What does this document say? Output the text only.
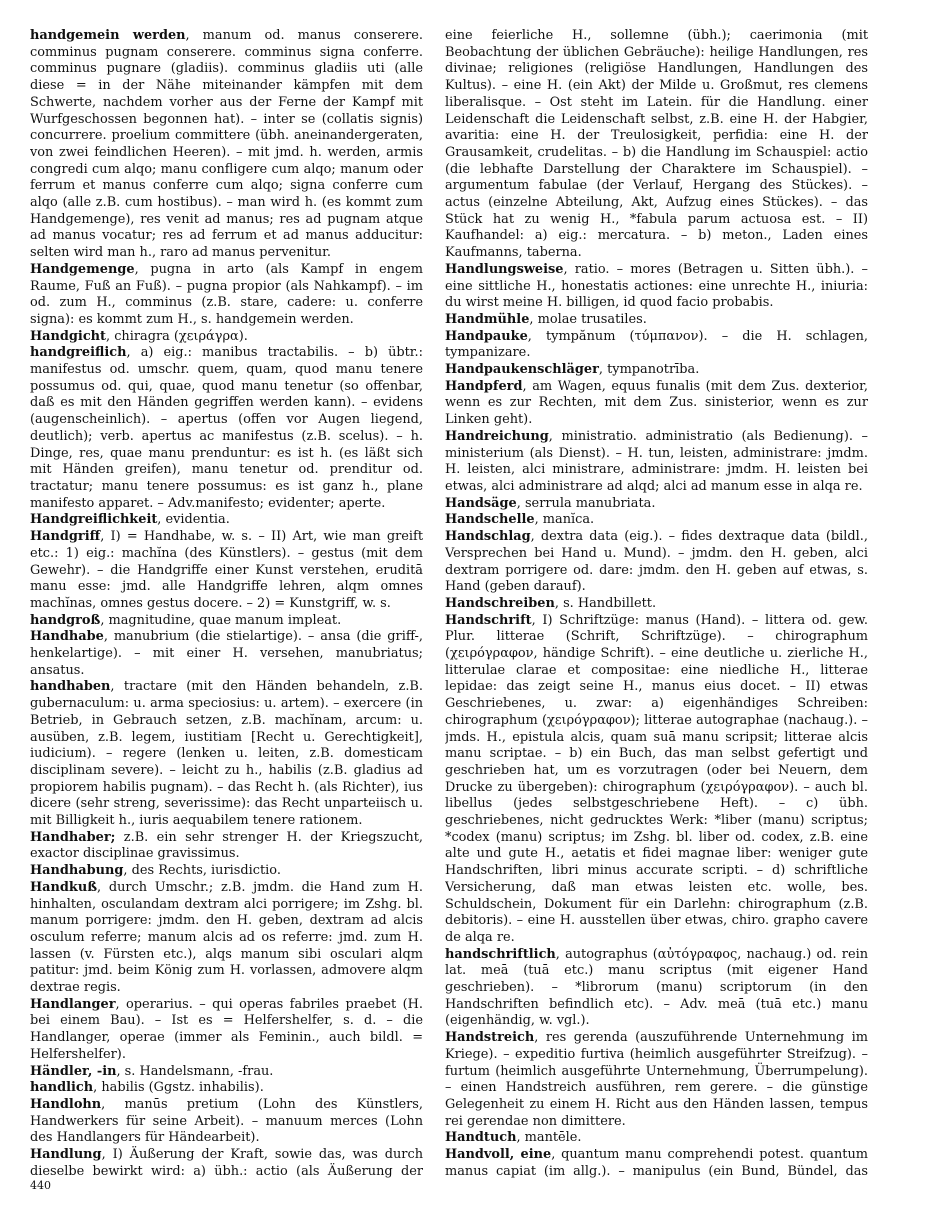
handgemein werden, manum od. manus conserere. comminus pugnam conserere. comminus signa conferre. comminus pugnare (gladiis). comminus gladiis uti (alle diese = in der Nähe miteinander kämpfen mit dem Schwerte, nachdem vorher aus der Ferne der Kampf mit Wurfgeschossen begonnen hat). – inter se (collatis signis) concurrere. proelium committere (übh. aneinandergeraten, von zwei feindlichen Heeren). – mit jmd. h. werden, armis congredi cum alqo; manu confligere cum alqo; manum oder ferrum et manus conferre cum alqo; signa conferre cum alqo (alle z.B. cum hostibus). – man wird h. (es kommt zum Handgemenge), res venit ad manus; res ad pugnam atque ad manus vocatur; res ad ferrum et ad manus adducitur: selten wird man h., raro ad manus pervenitur.

Handgemenge, pugna in arto (als Kampf in engem Raume, Fuß an Fuß). – pugna propior (als Nahkampf). – im od. zum H., comminus (z.B. stare, cadere: u. conferre signa): es kommt zum H., s. handgemein werden.

Handgicht, chiragra (χειράγρα).

handgreiflich, a) eig.: manibus tractabilis. – b) übtr.: manifestus od. umschr. quem, quam, quod manu tenere possumus od. qui, quae, quod manu tenetur (so offenbar, daß es mit den Händen gegriffen werden kann). – evidens (augenscheinlich). – apertus (offen vor Augen liegend, deutlich); verb. apertus ac manifestus (z.B. scelus). – h. Dinge, res, quae manu prenduntur: es ist h. (es läßt sich mit Händen greifen), manu tenetur od. prenditur od. tractatur; manu tenere possumus: es ist ganz h., plane manifesto apparet. – Adv.manifesto; evidenter; aperte.

Handgreiflichkeit, evidentia.

Handgriff, I) = Handhabe, w. s. – II) Art, wie man greift etc.: 1) eig.: machĭna (des Künstlers). – gestus (mit dem Gewehr). – die Handgriffe einer Kunst verstehen, eruditā manu esse: jmd. alle Handgriffe lehren, alqm omnes machĭnas, omnes gestus docere. – 2) = Kunstgriff, w. s.

handgroß, magnitudine, quae manum impleat.

Handhabe, manubrium (die stielartige). – ansa (die griff-, henkelartige). – mit einer H. versehen, manubriatus; ansatus.

handhaben, tractare (mit den Händen behandeln, z.B. gubernaculum: u. arma speciosius: u. artem). – exercere (in Betrieb, in Gebrauch setzen, z.B. machĭnam, arcum: u. ausüben, z.B. legem, iustitiam [Recht u. Gerechtigkeit], iudicium). – regere (lenken u. leiten, z.B. domesticam disciplinam severe). – leicht zu h., habilis (z.B. gladius ad propiorem habilis pugnam). – das Recht h. (als Richter), ius dicere (sehr streng, severissime): das Recht unparteiisch u. mit Billigkeit h., iuris aequabilem tenere rationem.

Handhaber; z.B. ein sehr strenger H. der Kriegszucht, exactor disciplinae gravissimus.

Handhabung, des Rechts, iurisdictio.

Handkuß, durch Umschr.; z.B. jmdm. die Hand zum H. hinhalten, osculandam dextram alci porrigere; im Zshg. bl. manum porrigere: jmdm. den H. geben, dextram ad alcis osculum referre; manum alcis ad os referre: jmd. zum H. lassen (v. Fürsten etc.), alqs manum sibi osculari alqm patitur: jmd. beim König zum H. vorlassen, admovere alqm dextrae regis.

Handlanger, operarius. – qui operas fabriles praebet (H. bei einem Bau). – Ist es = Helfershelfer, s. d. – die Handlanger, operae (immer als Feminin., auch bildl. = Helfershelfer).

Händler, -in, s. Handelsmann, -frau.

handlich, habilis (Ggstz. inhabilis).

Handlohn, manūs pretium (Lohn des Künstlers, Handwerkers für seine Arbeit). – manuum merces (Lohn des Handlangers für Händearbeit).

Handlung, I) Äußerung der Kraft, sowie das, was durch dieselbe bewirkt wird: a) übh.: actio (als Äußerung der

eine feierliche H., sollemne (übh.); caerimonia (mit Beobachtung der üblichen Gebräuche): heilige Handlungen, res divinae; religiones (religiöse Handlungen, Handlungen des Kultus). – eine H. (ein Akt) der Milde u. Großmut, res clemens liberalisque. – Ost steht im Latein. für die Handlung. einer Leidenschaft die Leidenschaft selbst, z.B. eine H. der Habgier, avaritia: eine H. der Treulosigkeit, perfidia: eine H. der Grausamkeit, crudelitas. – b) die Handlung im Schauspiel: actio (die lebhafte Darstellung der Charaktere im Schauspiel). – argumentum fabulae (der Verlauf, Hergang des Stückes). – actus (einzelne Abteilung, Akt, Aufzug eines Stückes). – das Stück hat zu wenig H., *fabula parum actuosa est. – II) Kaufhandel: a) eig.: mercatura. – b) meton., Laden eines Kaufmanns, taberna.

Handlungsweise, ratio. – mores (Betragen u. Sitten übh.). – eine sittliche H., honestatis actiones: eine unrechte H., iniuria: du wirst meine H. billigen, id quod facio probabis.

Handmühle, molae trusatiles.

Handpauke, tympănum (τύμπανον). – die H. schlagen, tympanizare.

Handpaukenschläger, tympanotrība.

Handpferd, am Wagen, equus funalis (mit dem Zus. dexterior, wenn es zur Rechten, mit dem Zus. sinisterior, wenn es zur Linken geht).

Handreichung, ministratio. administratio (als Bedienung). – ministerium (als Dienst). – H. tun, leisten, administrare: jmdm. H. leisten, alci ministrare, administrare: jmdm. H. leisten bei etwas, alci administrare ad alqd; alci ad manum esse in alqa re.

Handsäge, serrula manubriata.

Handschelle, manĭca.

Handschlag, dextra data (eig.). – fides dextraque data (bildl., Versprechen bei Hand u. Mund). – jmdm. den H. geben, alci dextram porrigere od. dare: jmdm. den H. geben auf etwas, s. Hand (geben darauf).

Handschreiben, s. Handbillett.

Handschrift, I) Schriftzüge: manus (Hand). – littera od. gew. Plur. litterae (Schrift, Schriftzüge). – chirographum (χειρόγραφον, händige Schrift). – eine deutliche u. zierliche H., litterulae clarae et compositae: eine niedliche H., litterae lepidae: das zeigt seine H., manus eius docet. – II) etwas Geschriebenes, u. zwar: a) eigenhändiges Schreiben: chirographum (χειρόγραφον); litterae autographae (nachaug.). – jmds. H., epistula alcis, quam suā manu scripsit; litterae alcis manu scriptae. – b) ein Buch, das man selbst gefertigt und geschrieben hat, um es vorzutragen (oder bei Neuern, dem Drucke zu übergeben): chirographum (χειρόγραφον). – auch bl. libellus (jedes selbstgeschriebene Heft). – c) übh. geschriebenes, nicht gedrucktes Werk: *liber (manu) scriptus; *codex (manu) scriptus; im Zshg. bl. liber od. codex, z.B. eine alte und gute H., aetatis et fidei magnae liber: weniger gute Handschriften, libri minus accurate scripti. – d) schriftliche Versicherung, daß man etwas leisten etc. wolle, bes. Schuldschein, Dokument für ein Darlehn: chirographum (z.B. debitoris). – eine H. ausstellen über etwas, chiro. grapho cavere de alqa re.

handschriftlich, autographus (αὐτόγραφος, nachaug.) od. rein lat. meā (tuā etc.) manu scriptus (mit eigener Hand geschrieben). – *librorum (manu) scriptorum (in den Handschriften befindlich etc). – Adv. meā (tuā etc.) manu (eigenhändig, w. vgl.).

Handstreich, res gerenda (auszuführende Unternehmung im Kriege). – expeditio furtiva (heimlich ausgeführter Streifzug). – furtum (heimlich ausgeführte Unternehmung, Überrumpelung). – einen Handstreich ausführen, rem gerere. – die günstige Gelegenheit zu einem H. Richt aus den Händen lassen, tempus rei gerendae non dimittere.

Handtuch, mantēle.

Handvoll, eine, quantum manu comprehendi potest. quantum manus capiat (im allg.). – manipulus (ein Bund, Bündel, das

440
